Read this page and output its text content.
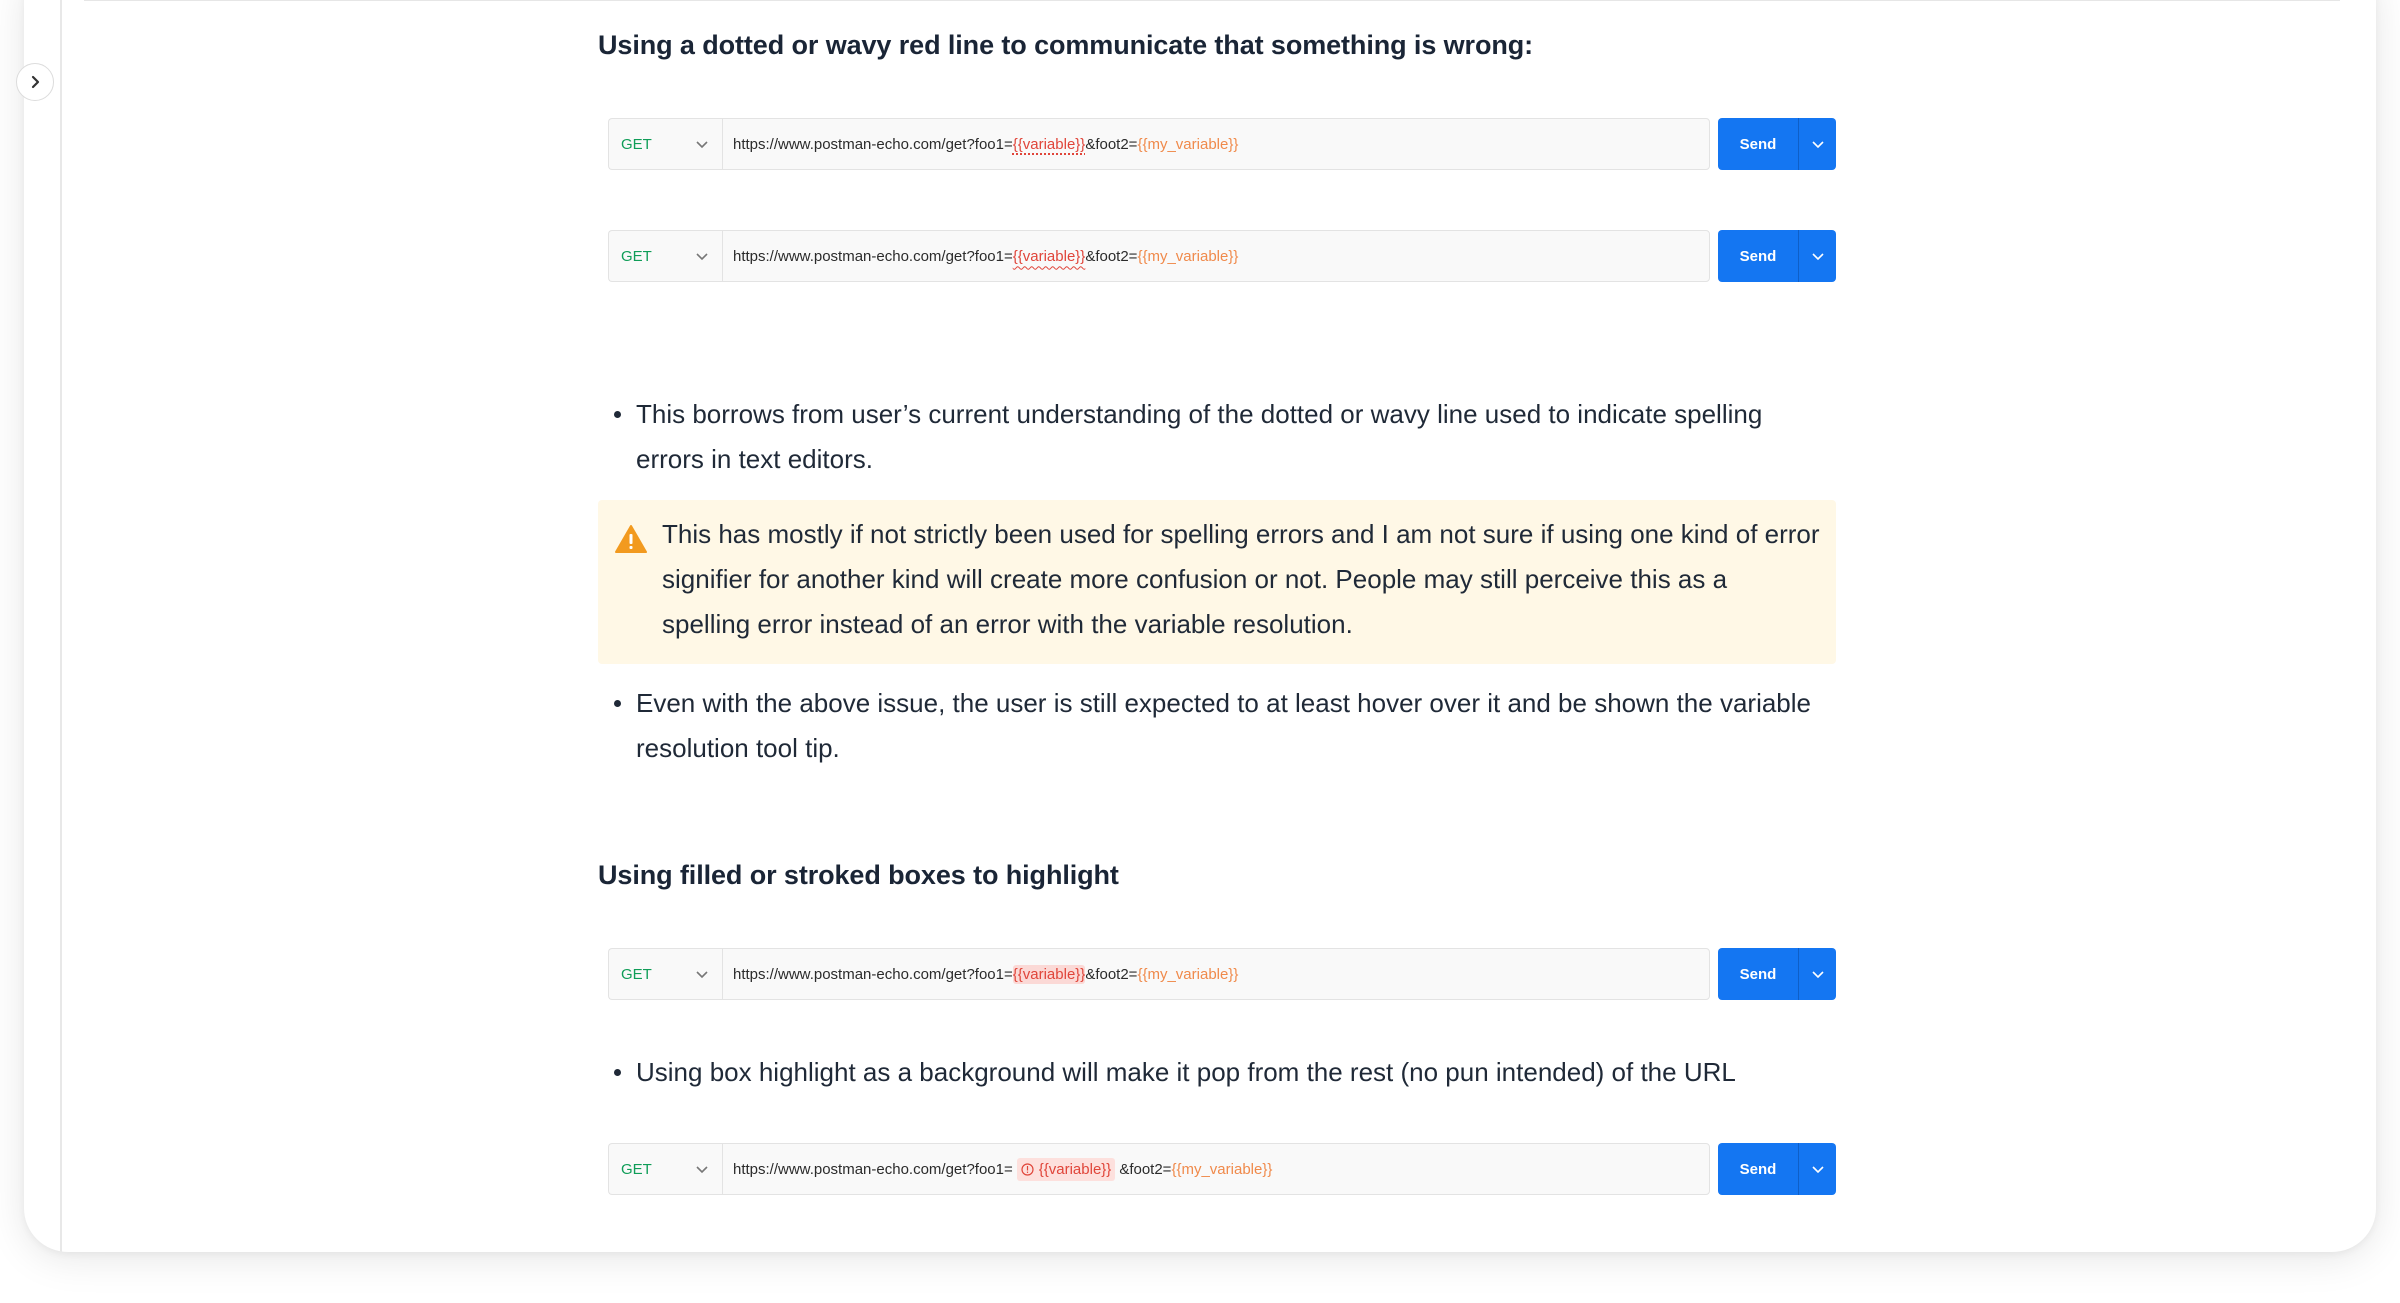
Using a dotted or wavy red line to communicate that something is wrong:
GET	https://www.postman-echo.com/get?foo1= {{variable}} &foot2= {{my_variable}}	Send
GET	https://www.postman-echo.com/get?foo1= {{variable}} &foot2= {{my_variable}}	Send
This borrows from user’s current understanding of the dotted or wavy line used to indicate spelling errors in text editors.
This has mostly if not strictly been used for spelling errors and I am not sure if using one kind of error signifier for another kind will create more confusion or not. People may still perceive this as a spelling error instead of an error with the variable resolution.
Even with the above issue, the user is still expected to at least hover over it and be shown the variable resolution tool tip.
Using filled or stroked boxes to highlight
GET	https://www.postman-echo.com/get?foo1= {{variable}} &foot2= {{my_variable}}	Send
Using box highlight as a background will make it pop from the rest (no pun intended) of the URL
GET	https://www.postman-echo.com/get?foo1= {{variable}} &foot2= {{my_variable}}	Send
